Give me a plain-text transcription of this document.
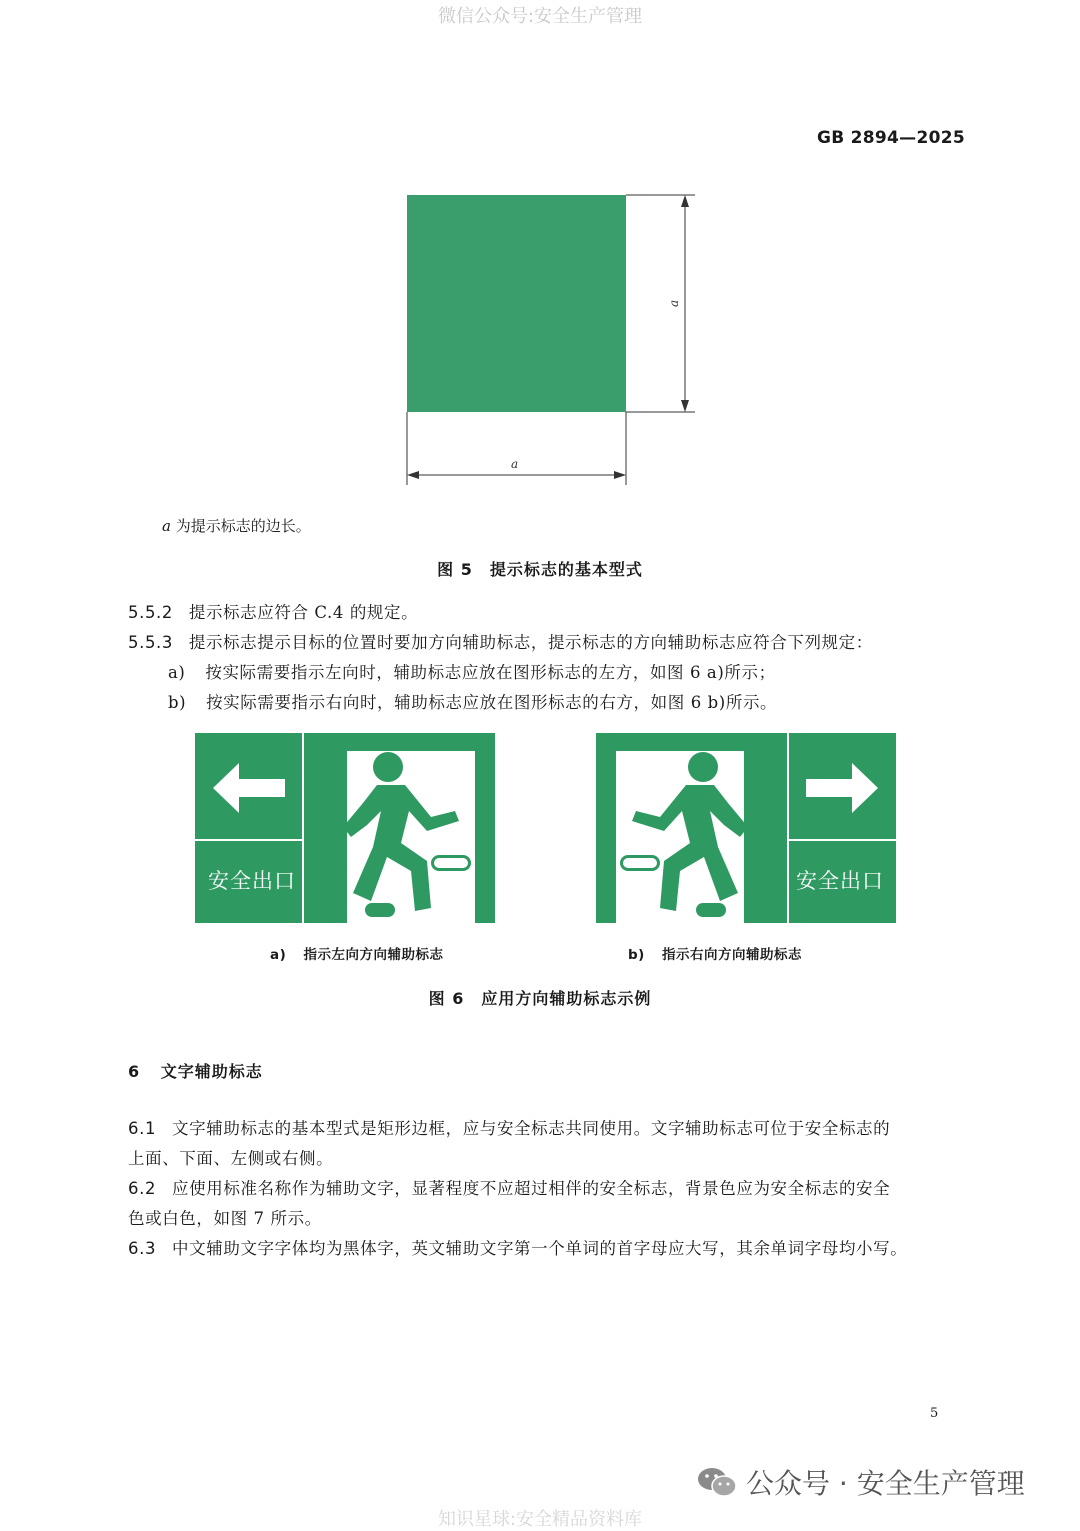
微信公众号:安全生产管理
GB 2894—2025
a
a
a 为提示标志的边长。
图 5　提示标志的基本型式
5.5.2 提示标志应符合 C.4 的规定。
5.5.3 提示标志提示目标的位置时要加方向辅助标志，提示标志的方向辅助标志应符合下列规定：
a) 按实际需要指示左向时，辅助标志应放在图形标志的左方，如图 6 a)所示；
b) 按实际需要指示右向时，辅助标志应放在图形标志的右方，如图 6 b)所示。
安全出口	安全出口
a) 指示左向方向辅助标志	b) 指示右向方向辅助标志
图 6　应用方向辅助标志示例
6 文字辅助标志
6.1 文字辅助标志的基本型式是矩形边框，应与安全标志共同使用。文字辅助标志可位于安全标志的
上面、下面、左侧或右侧。
6.2 应使用标准名称作为辅助文字，显著程度不应超过相伴的安全标志，背景色应为安全标志的安全
色或白色，如图 7 所示。
6.3 中文辅助文字字体均为黑体字，英文辅助文字第一个单词的首字母应大写，其余单词字母均小写。
5
公众号 · 安全生产管理
知识星球:安全精品资料库
